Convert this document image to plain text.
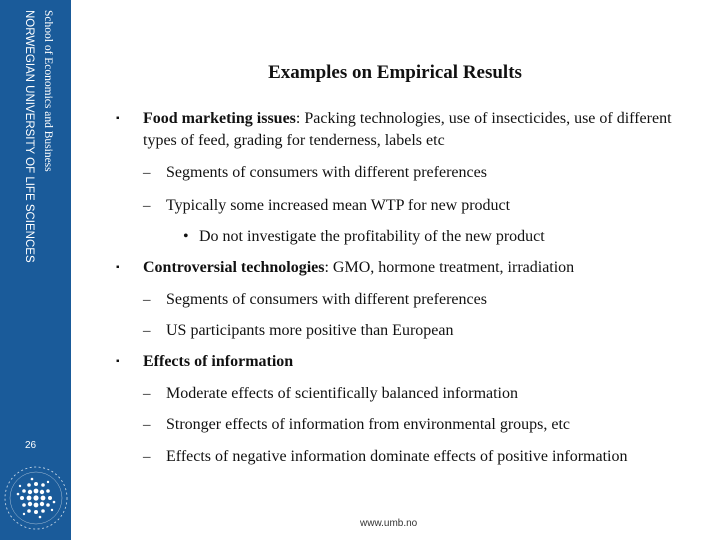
School of Economics and Business
NORWEGIAN UNIVERSITY OF LIFE SCIENCES
26
Examples on Empirical Results
▪ Food marketing issues: Packing technologies, use of insecticides, use of different types of feed, grading for tenderness, labels etc
– Segments of consumers with different preferences
– Typically some increased mean WTP for new product
• Do not investigate the profitability of the new product
▪ Controversial technologies: GMO, hormone treatment, irradiation
– Segments of consumers with different preferences
– US participants more positive than European
▪ Effects of information
– Moderate effects of scientifically balanced information
– Stronger effects of information from environmental groups, etc
– Effects of negative information dominate effects of positive information
www.umb.no
